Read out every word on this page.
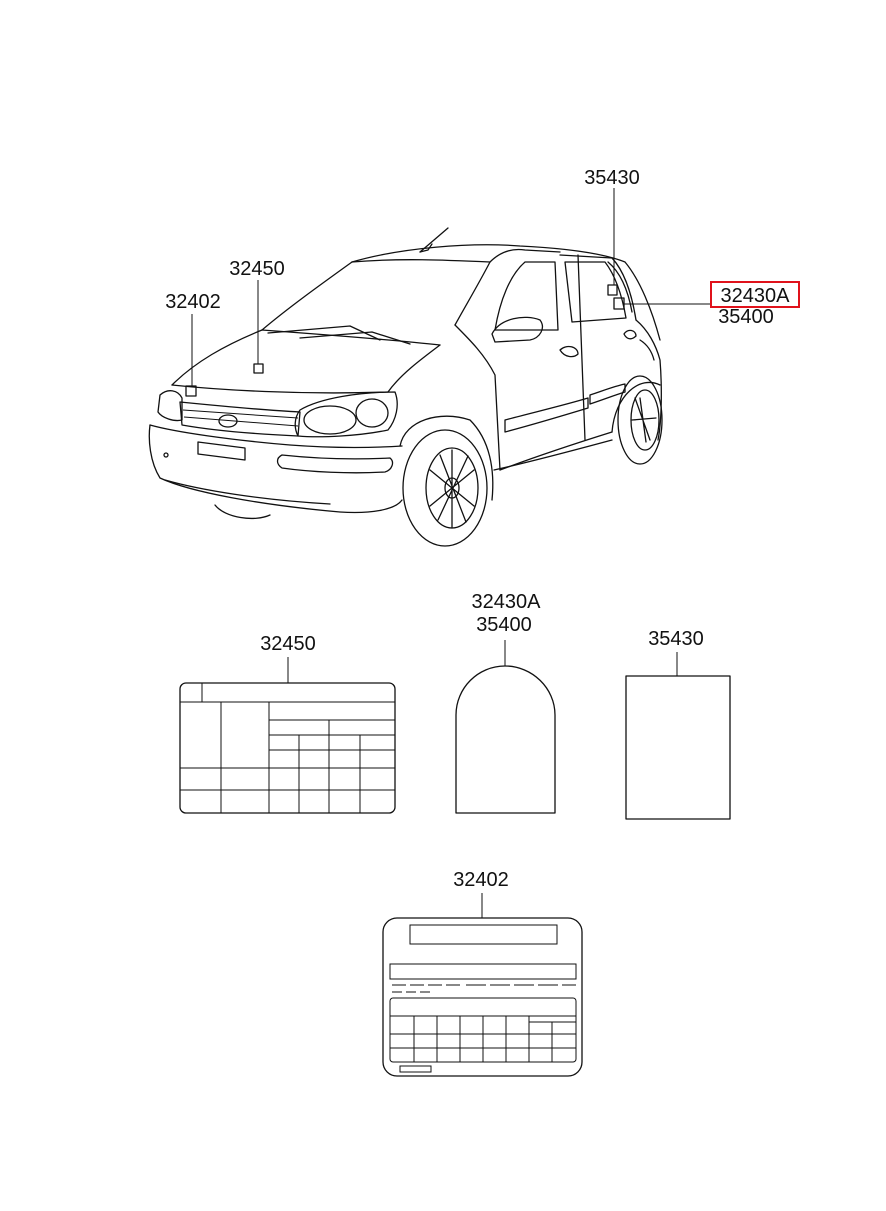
35430
32450
32402	32430A
35400
32450
32430A
35400
35430
32402
